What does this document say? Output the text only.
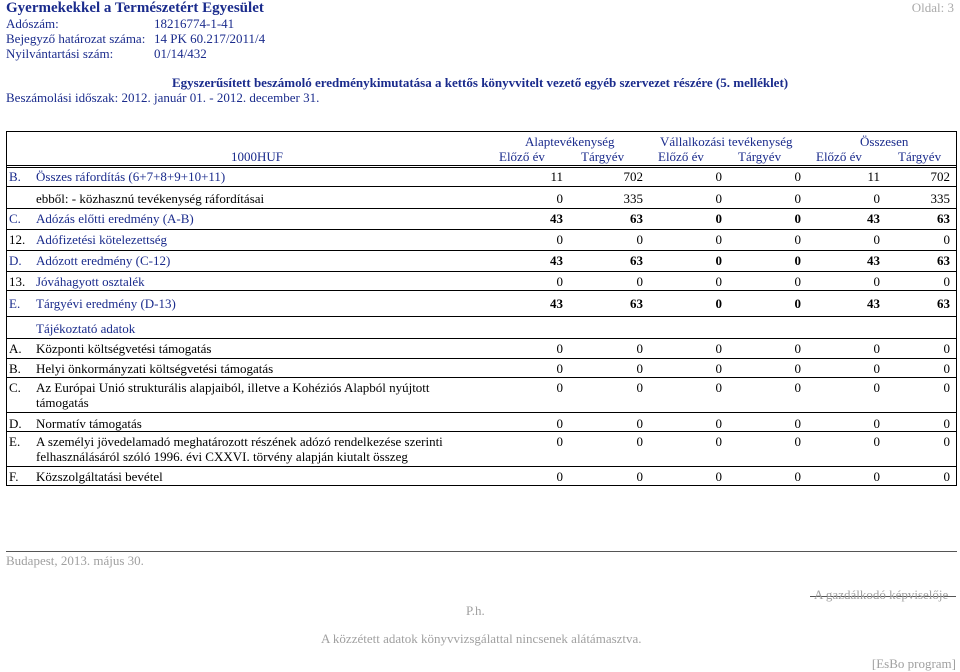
Gyermekekkel a Természetért Egyesület	Oldal: 3
Adószám:	18216774-1-41
Bejegyző határozat száma: 14 PK 60.217/2011/4
Nyilvántartási szám:	01/14/432
Egyszerűsített beszámoló eredménykimutatása a kettős könyvvitelt vezető egyéb szervezet részére (5. melléklet)
Beszámolási időszak: 2012. január 01. - 2012. december 31.
1000HUF
Alaptevékenység	Vállalkozási tevékenység	Összesen
Előző év	Tárgyév	Előző év	Tárgyév	Előző év	Tárgyév
B. Összes ráfordítás (6+7+8+9+10+11)	11	702	0	0	11	702
ebből: - közhasznú tevékenység ráfordításai	0	335	0	0	0	335
C. Adózás előtti eredmény (A-B)	43	63	0	0	43	63
12. Adófizetési kötelezettség	0	0	0	0	0	0
D. Adózott eredmény (C-12)	43	63	0	0	43	63
13. Jóváhagyott osztalék	0	0	0	0	0	0
E. Tárgyévi eredmény (D-13)	43	63	0	0	43	63
Tájékoztató adatok
A. Központi költségvetési támogatás	0	0	0	0	0	0
B. Helyi önkormányzati költségvetési támogatás	0	0	0	0	0	0
C. Az Európai Unió strukturális alapjaiból, illetve a Kohéziós Alapból nyújtott
támogatás
0	0	0	0	0	0
D. Normatív támogatás	0	0	0	0	0	0
E. A személyi jövedelamadó meghatározott részének adózó rendelkezése szerinti
felhasználásáról szóló 1996. évi CXXVI. törvény alapján kiutalt összeg
0	0	0	0	0	0
F. Közszolgáltatási bevétel	0	0	0	0	0	0
Budapest, 2013. május 30.
P.h.
A gazdálkodó képviselője
A közzétett adatok könyvvizsgálattal nincsenek alátámasztva.
[EsBo program]
